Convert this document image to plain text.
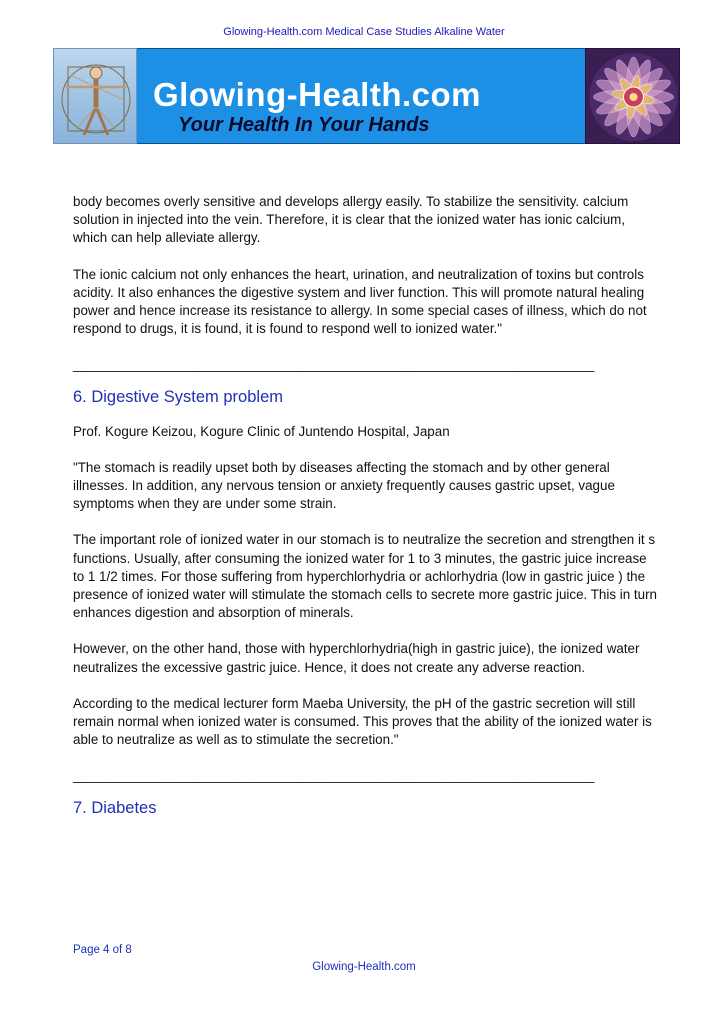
Glowing-Health.com Medical Case Studies Alkaline Water
Glowing-Health.com
Your Health In Your Hands

body becomes overly sensitive and develops allergy easily. To stabilize the sensitivity. calcium solution in injected into the vein. Therefore, it is clear that the ionized water has ionic calcium, which can help alleviate allergy.

The ionic calcium not only enhances the heart, urination, and neutralization of toxins but controls acidity. It also enhances the digestive system and liver function. This will promote natural healing power and hence increase its resistance to allergy. In some special cases of illness, which do not respond to drugs, it is found, it is found to respond well to ionized water."

______________________________________________________________________
6. Digestive System problem

Prof. Kogure Keizou, Kogure Clinic of Juntendo Hospital, Japan

"The stomach is readily upset both by diseases affecting the stomach and by other general illnesses. In addition, any nervous tension or anxiety frequently causes gastric upset, vague symptoms when they are under some strain.

The important role of ionized water in our stomach is to neutralize the secretion and strengthen it s functions. Usually, after consuming the ionized water for 1 to 3 minutes, the gastric juice increase to 1 1/2 times. For those suffering from hyperchlorhydria or achlorhydria (low in gastric juice ) the presence of ionized water will stimulate the stomach cells to secrete more gastric juice. This in turn enhances digestion and absorption of minerals.

However, on the other hand, those with hyperchlorhydria(high in gastric juice), the ionized water neutralizes the excessive gastric juice. Hence, it does not create any adverse reaction.

According to the medical lecturer form Maeba University, the pH of the gastric secretion will still remain normal when ionized water is consumed. This proves that the ability of the ionized water is able to neutralize as well as to stimulate the secretion."

______________________________________________________________________
7. Diabetes
Page 4 of 8
Glowing-Health.com
